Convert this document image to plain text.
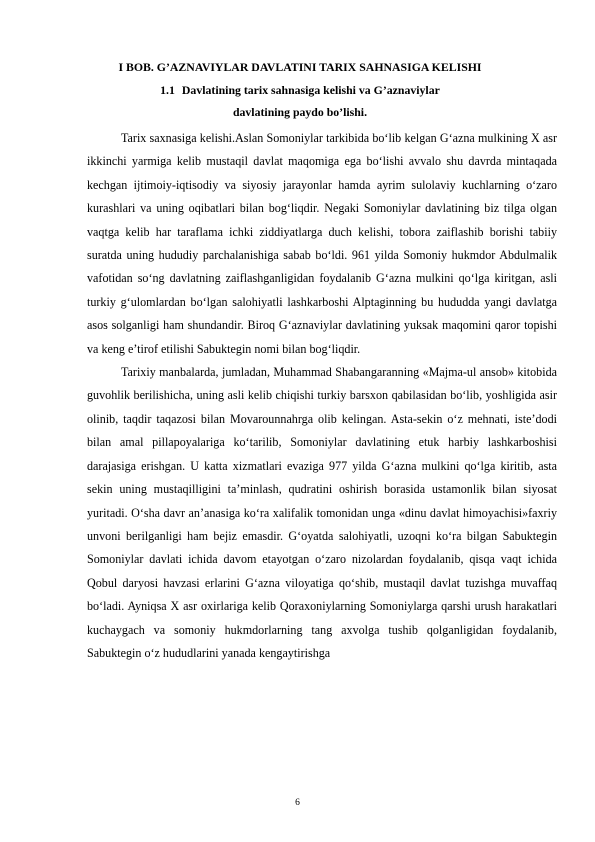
I BOB. G’AZNAVIYLAR DAVLATINI TARIX SAHNASIGA KELISHI
1.1 Davlatining tarix sahnasiga kelishi va G’aznaviylar
davlatining paydo bo’lishi.

Tarix saxnasiga kelishi.Aslan Somoniylar tarkibida bo‘lib kelgan G‘azna mulkining X asr ikkinchi yarmiga kelib mustaqil davlat maqomiga ega bo‘lishi avvalo shu davrda mintaqada kechgan ijtimoiy-iqtisodiy va siyosiy jarayonlar hamda ayrim sulolaviy kuchlarning o‘zaro kurashlari va uning oqibatlari bilan bog‘liqdir. Negaki Somoniylar davlatining biz tilga olgan vaqtga kelib har taraflama ichki ziddiyatlarga duch kelishi, tobora zaiflashib borishi tabiiy suratda uning hududiy parchalanishiga sabab bo‘ldi. 961 yilda Somoniy hukmdor Abdulmalik vafotidan so‘ng davlatning zaiflashganligidan foydalanib G‘azna mulkini qo‘lga kiritgan, asli turkiy g‘ulomlardan bo‘lgan salohiyatli lashkarboshi Alptaginning bu hududda yangi davlatga asos solganligi ham shundandir. Biroq G‘aznaviylar davlatining yuksak maqomini qaror topishi va keng e’tirof etilishi Sabuktegin nomi bilan bog‘liqdir.

Tarixiy manbalarda, jumladan, Muhammad Shabangaranning «Majma-ul ansob» kitobida guvohlik berilishicha, uning asli kelib chiqishi turkiy barsxon qabilasidan bo‘lib, yoshligida asir olinib, taqdir taqazosi bilan Movarounnahrga olib kelingan. Asta-sekin o‘z mehnati, iste’dodi bilan amal pillapoyalariga ko‘tarilib, Somoniylar davlatining etuk harbiy lashkarboshisi darajasiga erishgan. U katta xizmatlari evaziga 977 yilda G‘azna mulkini qo‘lga kiritib, asta sekin uning mustaqilligini ta’minlash, qudratini oshirish borasida ustamonlik bilan siyosat yuritadi. O‘sha davr an’anasiga ko‘ra xalifalik tomonidan unga «dinu davlat himoyachisi»faxriy unvoni berilganligi ham bejiz emasdir. G‘oyatda salohiyatli, uzoqni ko‘ra bilgan Sabuktegin Somoniylar davlati ichida davom etayotgan o‘zaro nizolardan foydalanib, qisqa vaqt ichida Qobul daryosi havzasi erlarini G‘azna viloyatiga qo‘shib, mustaqil davlat tuzishga muvaffaq bo‘ladi. Ayniqsa X asr oxirlariga kelib Qoraxoniylarning Somoniylarga qarshi urush harakatlari kuchaygach va somoniy hukmdorlarning tang axvolga tushib qolganligidan foydalanib, Sabuktegin o‘z hududlarini yanada kengaytirishga

6
